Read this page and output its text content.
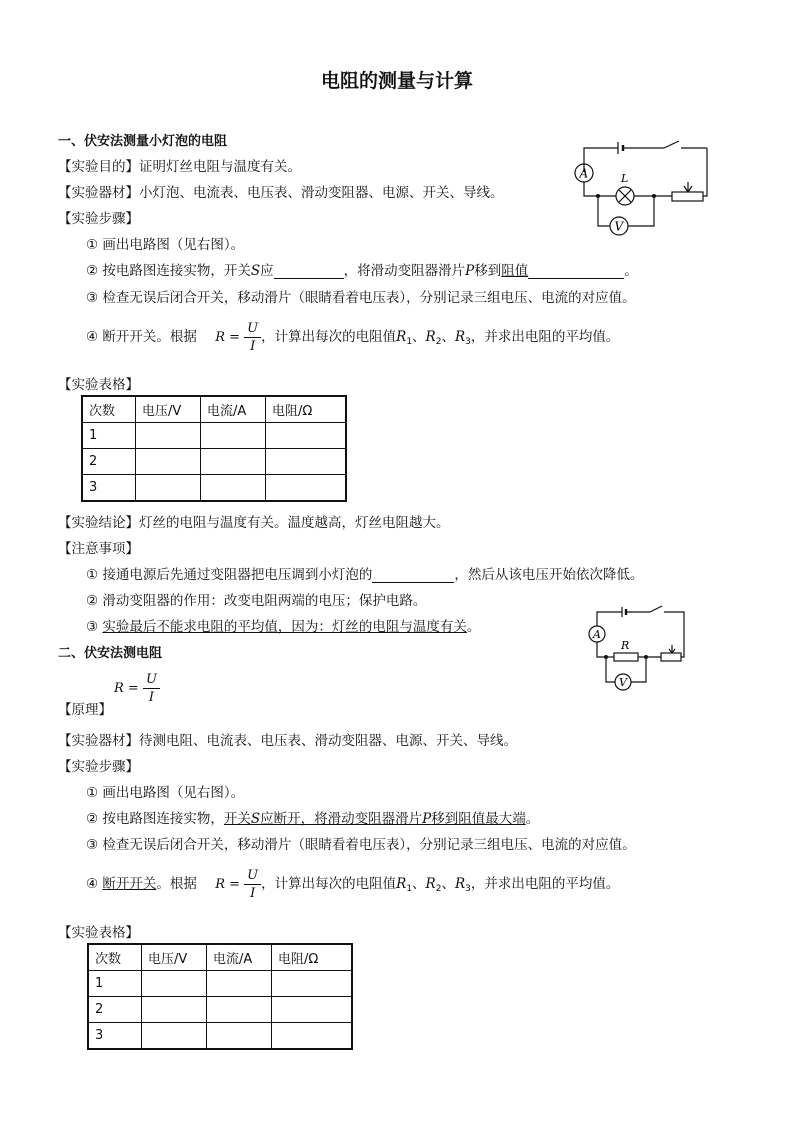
电阻的测量与计算
一、伏安法测量小灯泡的电阻
【实验目的】证明灯丝电阻与温度有关。
【实验器材】小灯泡、电流表、电压表、滑动变阻器、电源、开关、导线。
【实验步骤】
① 画出电路图（见右图）。
② 按电路图连接实物，开关S应	，将滑动变阻器滑片P移到阻值	。
③ 检查无误后闭合开关，移动滑片（眼睛看着电压表），分别记录三组电压、电流的对应值。
④ 断开开关。根据 $R = \frac{U}{I}$ ，计算出每次的电阻值$R_1$、$R_2$、$R_3$，并求出电阻的平均值。
【实验表格】
次数	电压/V	电流/A	电阻/Ω
1			
2			
3			
【实验结论】灯丝的电阻与温度有关。温度越高，灯丝电阻越大。
【注意事项】
① 接通电源后先通过变阻器把电压调到小灯泡的	，然后从该电压开始依次降低。
② 滑动变阻器的作用：改变电阻两端的电压；保护电路。
③ 实验最后不能求电阻的平均值，因为：灯丝的电阻与温度有关。
A
V
L
二、伏安法测电阻
$R = \frac{U}{I}$
【原理】
【实验器材】待测电阻、电流表、电压表、滑动变阻器、电源、开关、导线。
【实验步骤】
① 画出电路图（见右图）。
② 按电路图连接实物，开关S应断开，将滑动变阻器滑片P移到阻值最大端。
③ 检查无误后闭合开关，移动滑片（眼睛看着电压表），分别记录三组电压、电流的对应值。
④ 断开开关。根据 $R = \frac{U}{I}$ ，计算出每次的电阻值$R_1$、$R_2$、$R_3$，并求出电阻的平均值。
【实验表格】
次数	电压/V	电流/A	电阻/Ω
1			
2			
3			
A
V
R
